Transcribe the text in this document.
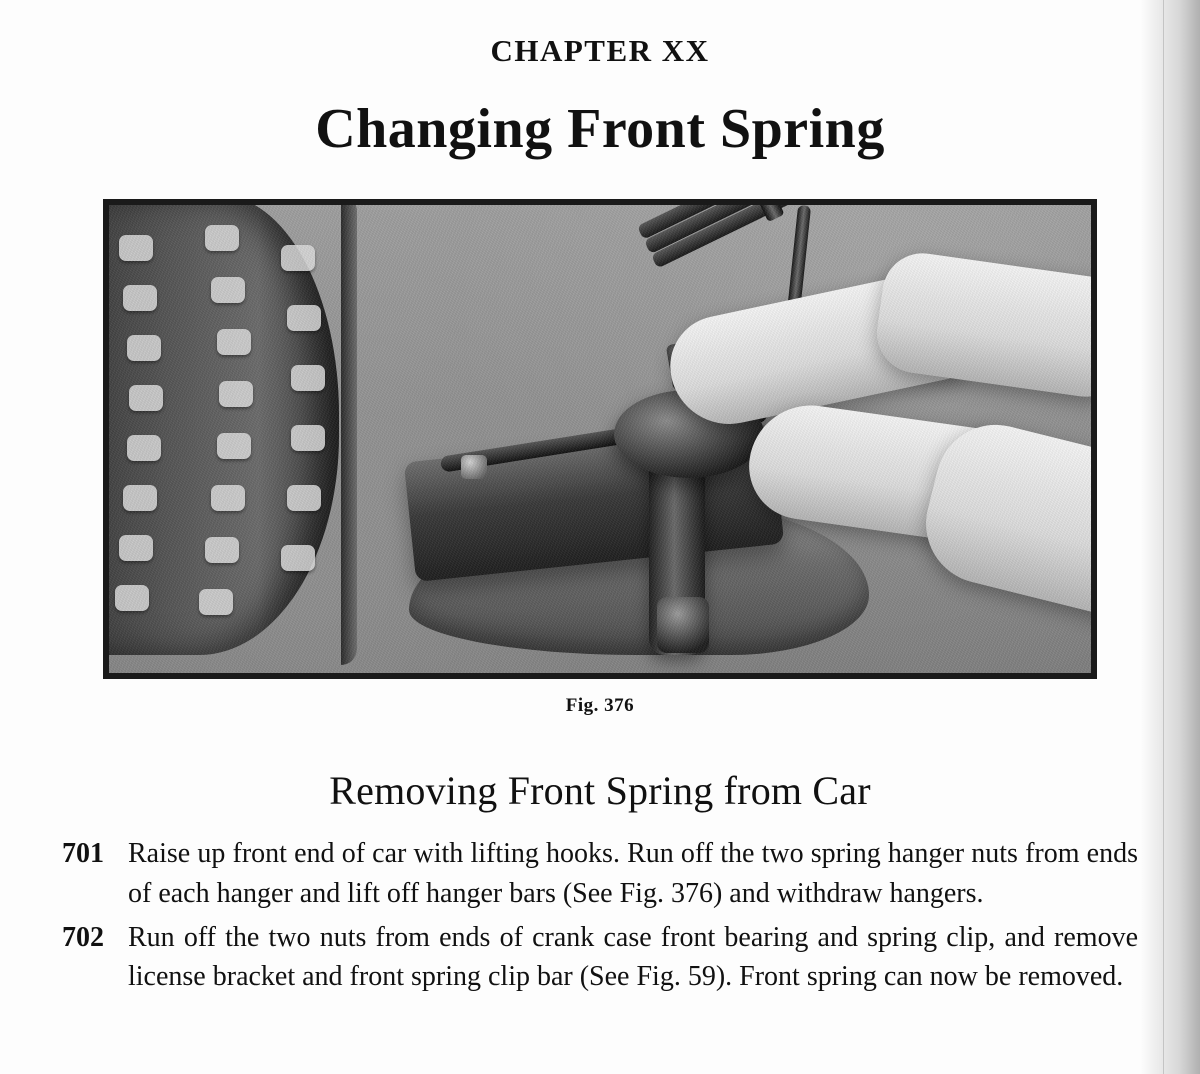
CHAPTER XX
Changing Front Spring
Fig. 376
Removing Front Spring from Car
701 Raise up front end of car with lifting hooks. Run off the two spring hanger nuts from ends of each hanger and lift off hanger bars (See Fig. 376) and withdraw hangers.
702 Run off the two nuts from ends of crank case front bearing and spring clip, and remove license bracket and front spring clip bar (See Fig. 59). Front spring can now be removed.
